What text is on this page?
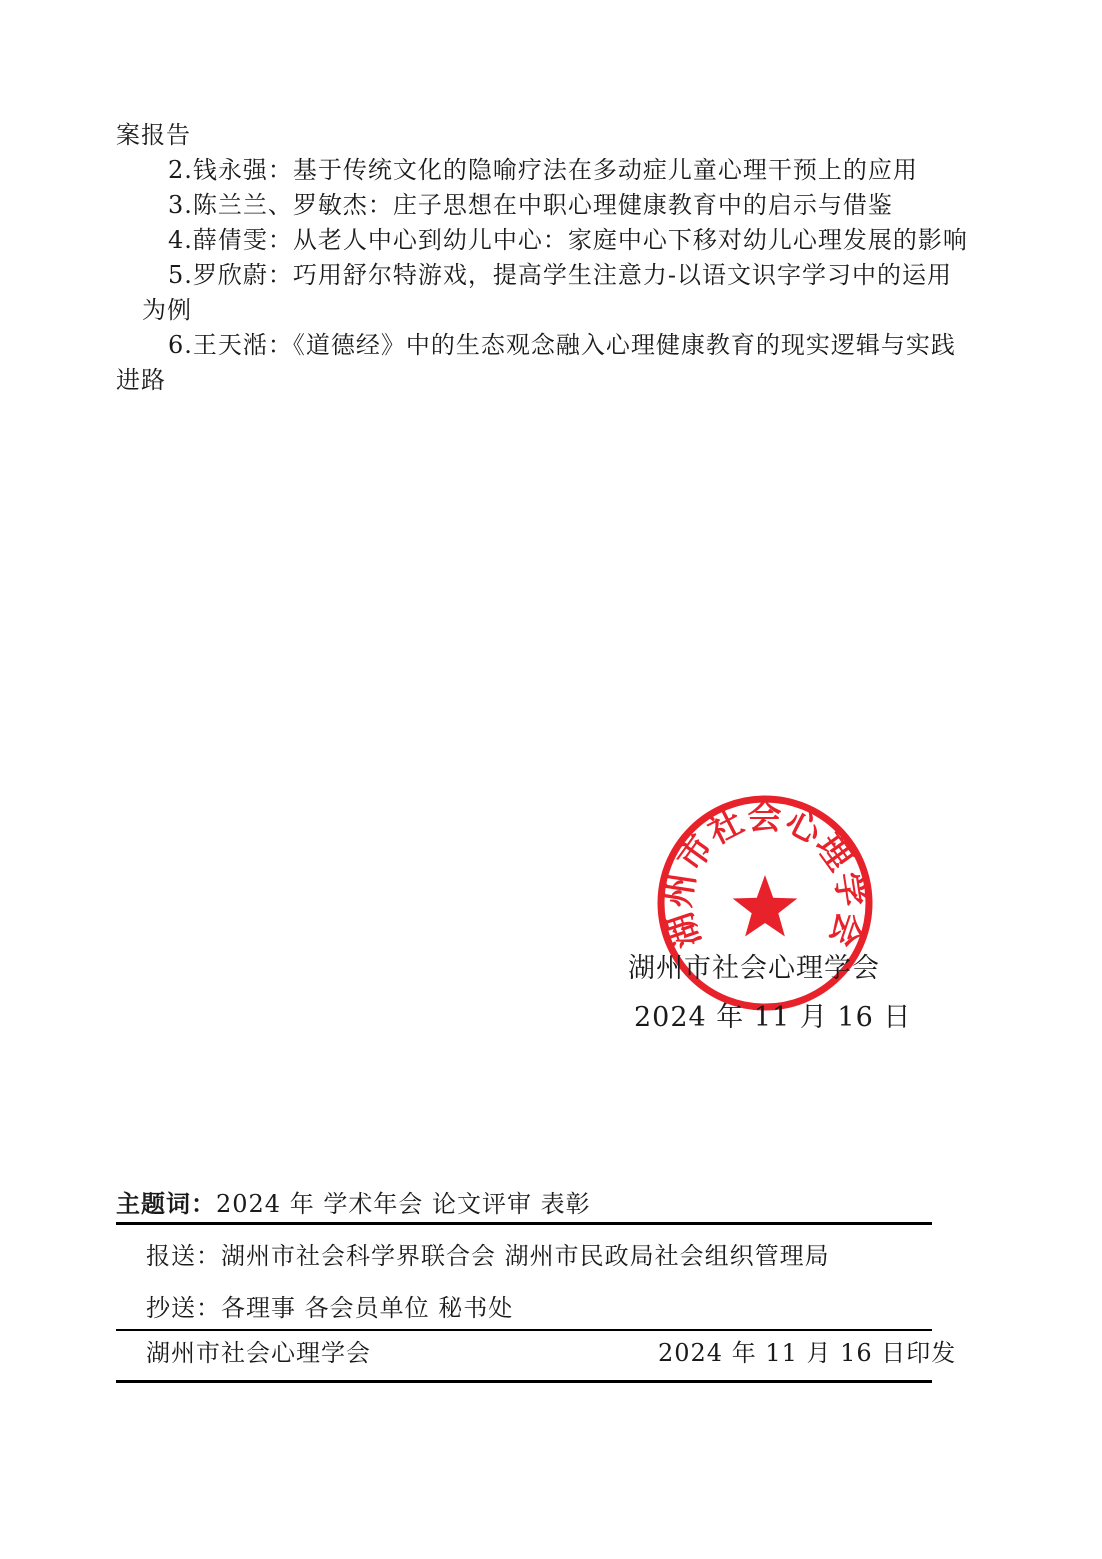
案报告
2.钱永强：基于传统文化的隐喻疗法在多动症儿童心理干预上的应用
3.陈兰兰、罗敏杰：庄子思想在中职心理健康教育中的启示与借鉴
4.薛倩雯：从老人中心到幼儿中心：家庭中心下移对幼儿心理发展的影响
5.罗欣蔚：巧用舒尔特游戏，提高学生注意力-以语文识字学习中的运用
为例
6.王天湉：《道德经》中的生态观念融入心理健康教育的现实逻辑与实践
进路
湖州市社会心理学会
湖州市社会心理学会
2024 年 11 月 16 日
主题词：2024 年 学术年会 论文评审 表彰
报送：湖州市社会科学界联合会 湖州市民政局社会组织管理局
抄送：各理事 各会员单位 秘书处
湖州市社会心理学会	2024 年 11 月 16 日印发
